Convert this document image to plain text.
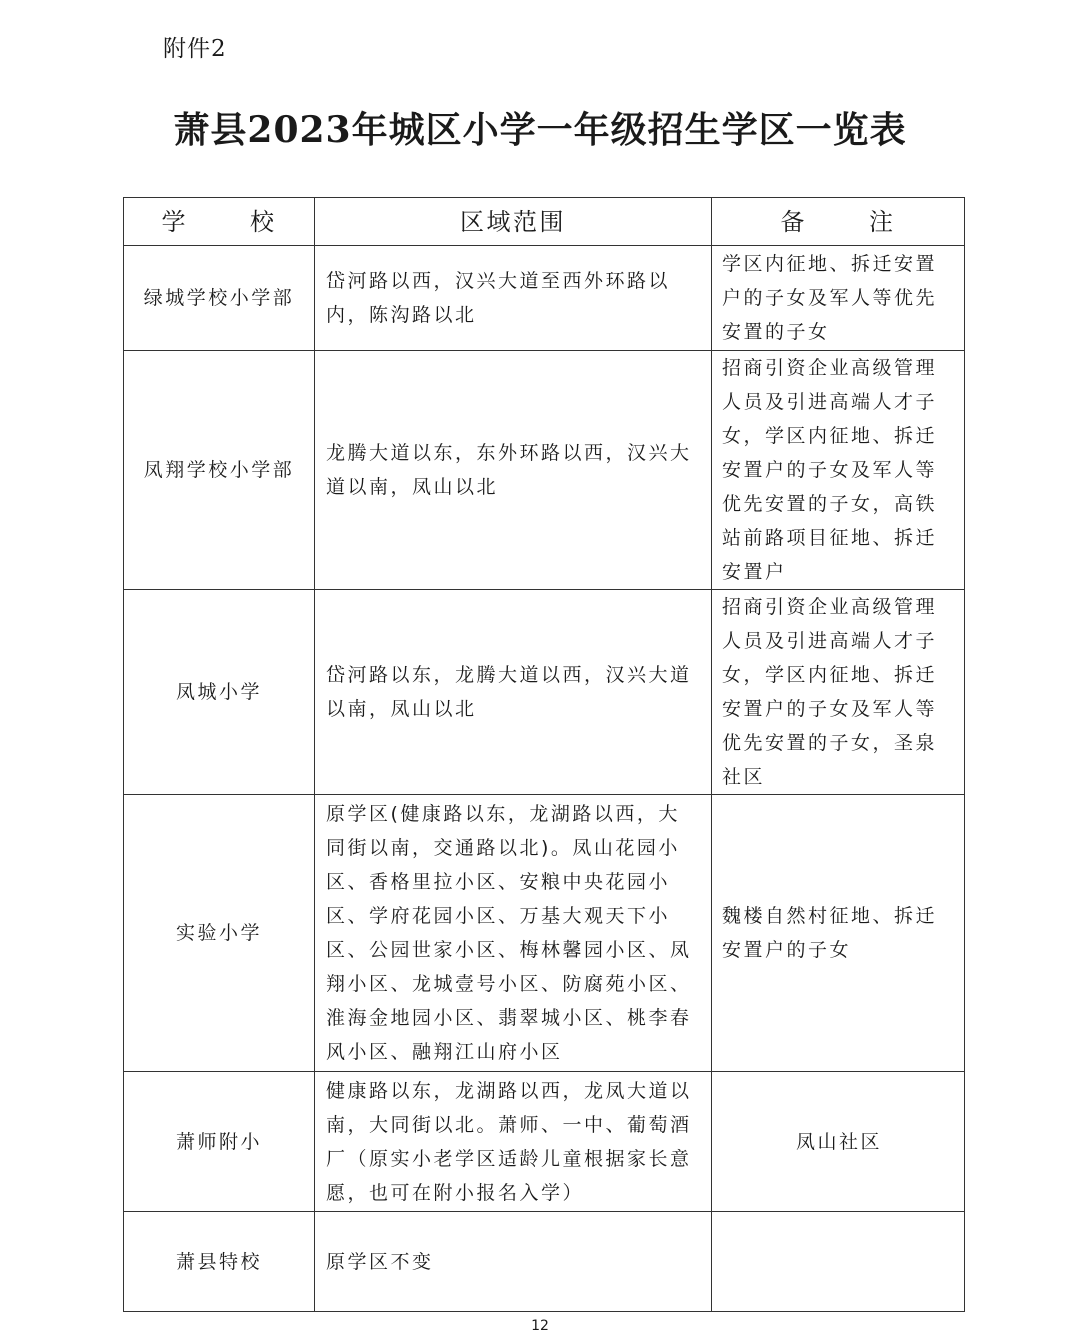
附件2
萧县2023年城区小学一年级招生学区一览表
学 校	区域范围	备 注
绿城学校小学部	岱河路以西，汉兴大道至西外环路以内，陈沟路以北	学区内征地、拆迁安置户的子女及军人等优先安置的子女

凤翔学校小学部	龙腾大道以东，东外环路以西，汉兴大道以南，凤山以北	招商引资企业高级管理人员及引进高端人才子女，学区内征地、拆迁安置户的子女及军人等优先安置的子女，高铁站前路项目征地、拆迁安置户

凤城小学	岱河路以东，龙腾大道以西，汉兴大道以南，凤山以北	招商引资企业高级管理人员及引进高端人才子女，学区内征地、拆迁安置户的子女及军人等优先安置的子女，圣泉社区

实验小学	原学区(健康路以东，龙湖路以西，大同街以南，交通路以北)。凤山花园小区、香格里拉小区、安粮中央花园小区、学府花园小区、万基大观天下小区、公园世家小区、梅林馨园小区、凤翔小区、龙城壹号小区、防腐苑小区、淮海金地园小区、翡翠城小区、桃李春风小区、融翔江山府小区	魏楼自然村征地、拆迁安置户的子女

萧师附小	健康路以东，龙湖路以西，龙凤大道以南，大同街以北。萧师、一中、葡萄酒厂（原实小老学区适龄儿童根据家长意愿，也可在附小报名入学）	凤山社区

萧县特校	原学区不变	

12
